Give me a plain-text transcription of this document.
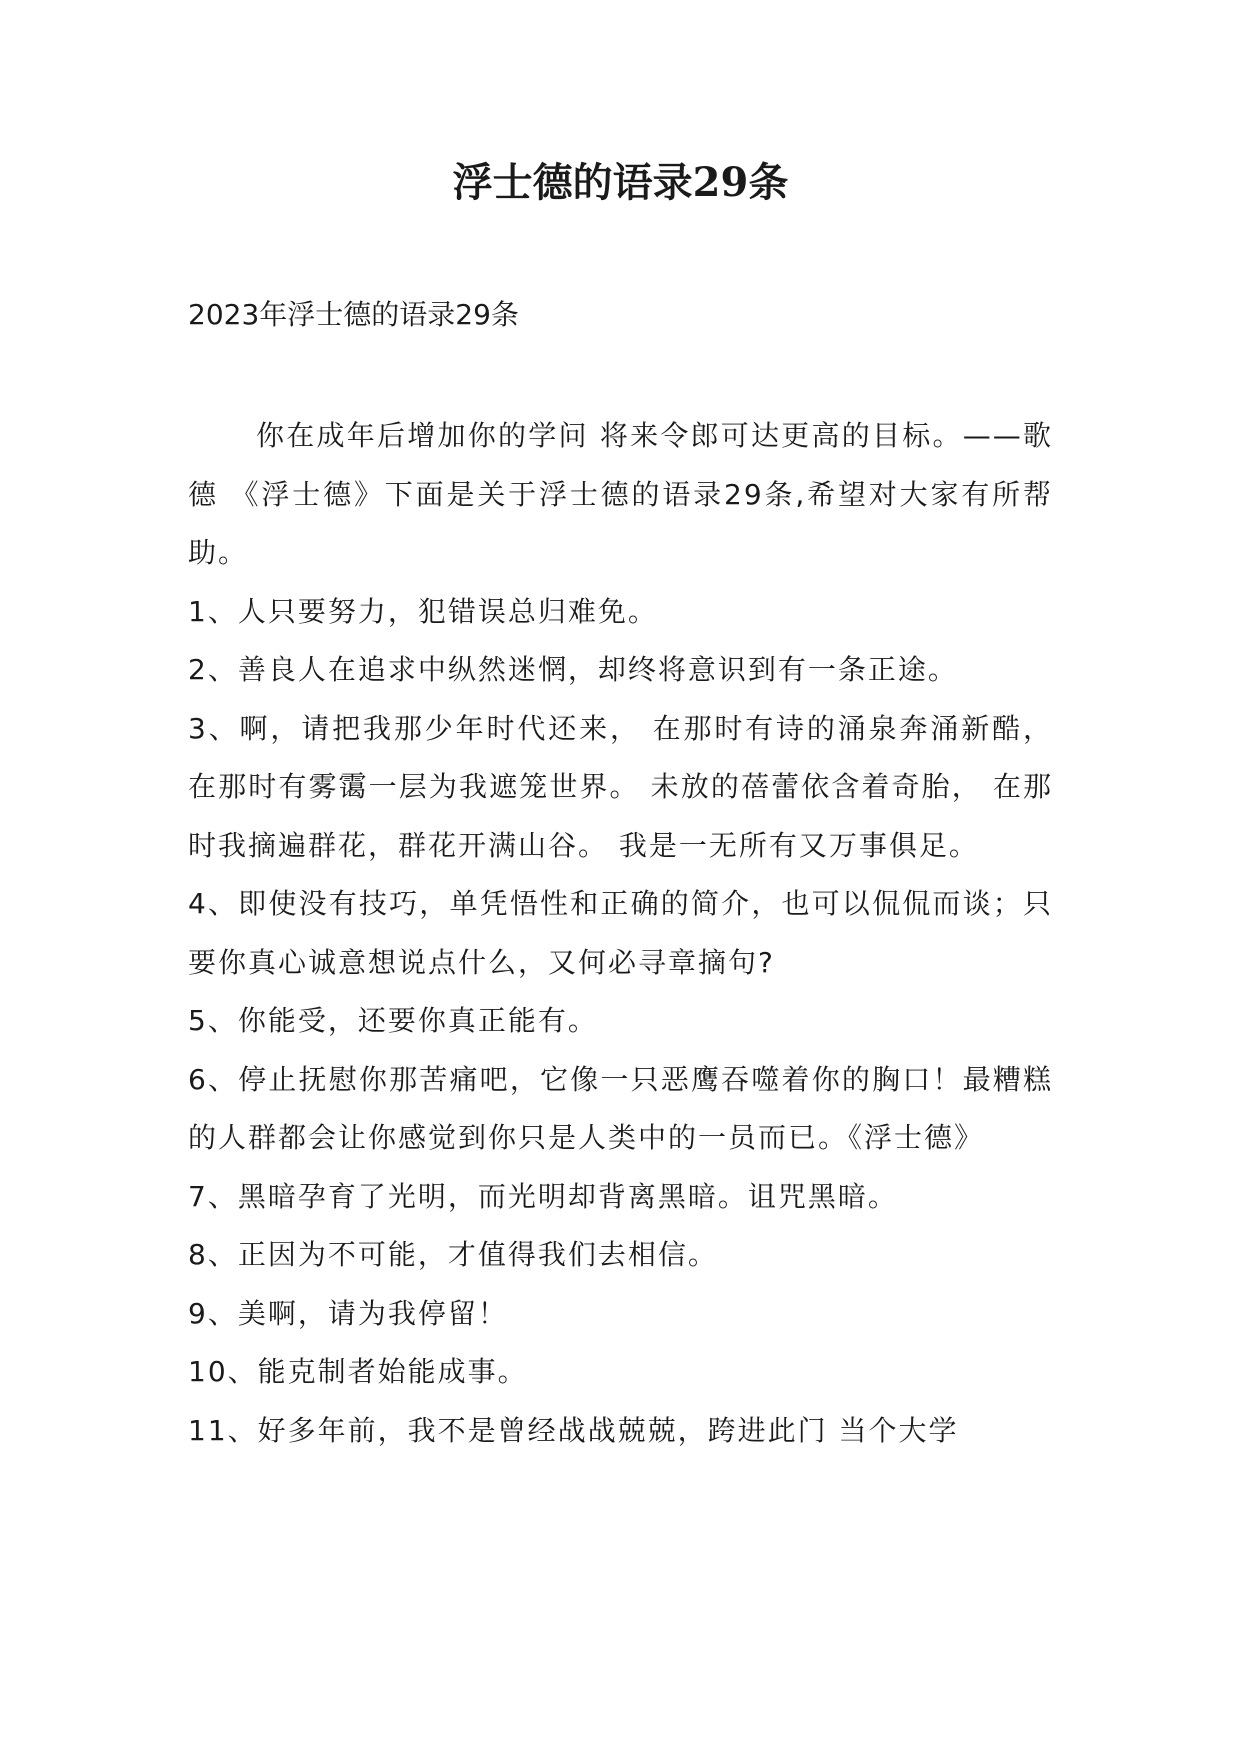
浮士德的语录29条

2023年浮士德的语录29条

你在成年后增加你的学问 将来令郎可达更高的目标。——歌德 《浮士德》下面是关于浮士德的语录29条,希望对大家有所帮助。

1、人只要努力，犯错误总归难免。

2、善良人在追求中纵然迷惘，却终将意识到有一条正途。

3、啊，请把我那少年时代还来， 在那时有诗的涌泉奔涌新酷， 在那时有雾霭一层为我遮笼世界。 未放的蓓蕾依含着奇胎， 在那时我摘遍群花，群花开满山谷。 我是一无所有又万事俱足。

4、即使没有技巧，单凭悟性和正确的简介，也可以侃侃而谈；只要你真心诚意想说点什么，又何必寻章摘句?

5、你能受，还要你真正能有。

6、停止抚慰你那苦痛吧，它像一只恶鹰吞噬着你的胸口！最糟糕的人群都会让你感觉到你只是人类中的一员而已。《浮士德》

7、黑暗孕育了光明，而光明却背离黑暗。诅咒黑暗。

8、正因为不可能，才值得我们去相信。

9、美啊，请为我停留！

10、能克制者始能成事。

11、好多年前，我不是曾经战战兢兢，跨进此门 当个大学
